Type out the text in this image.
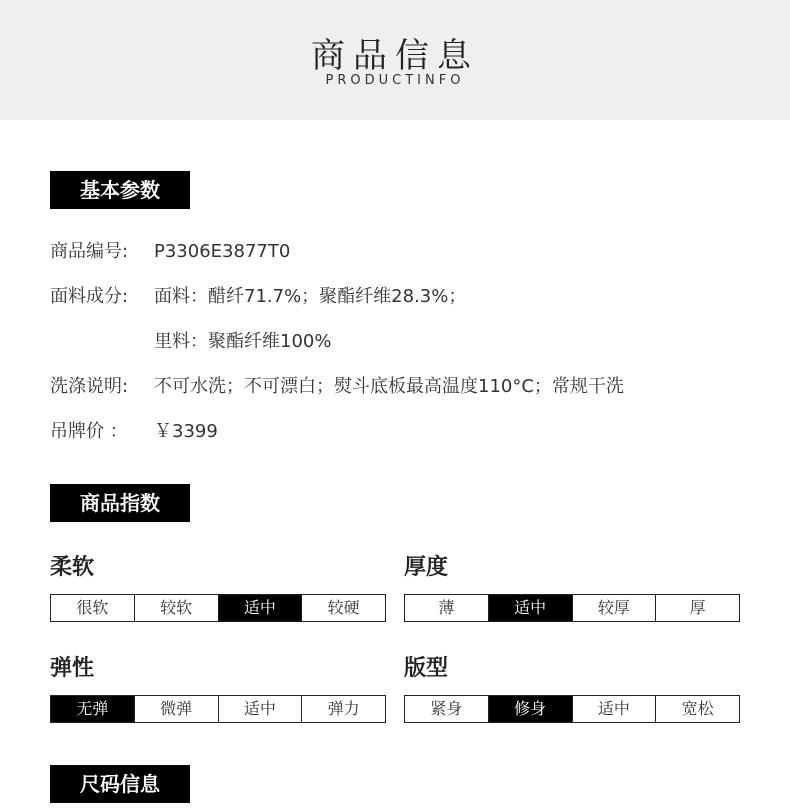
商品信息
PRODUCTINFO
基本参数
商品编号: P3306E3877T0
面料成分: 面料：醋纤71.7%；聚酯纤维28.3%；
里料：聚酯纤维100%
洗涤说明: 不可水洗；不可漂白；熨斗底板最高温度110°C；常规干洗
吊牌价 ： ￥3399
商品指数
柔软
很软	较软	适中	较硬
厚度
薄	适中	较厚	厚
弹性
无弹	微弹	适中	弹力
版型
紧身	修身	适中	宽松
尺码信息
